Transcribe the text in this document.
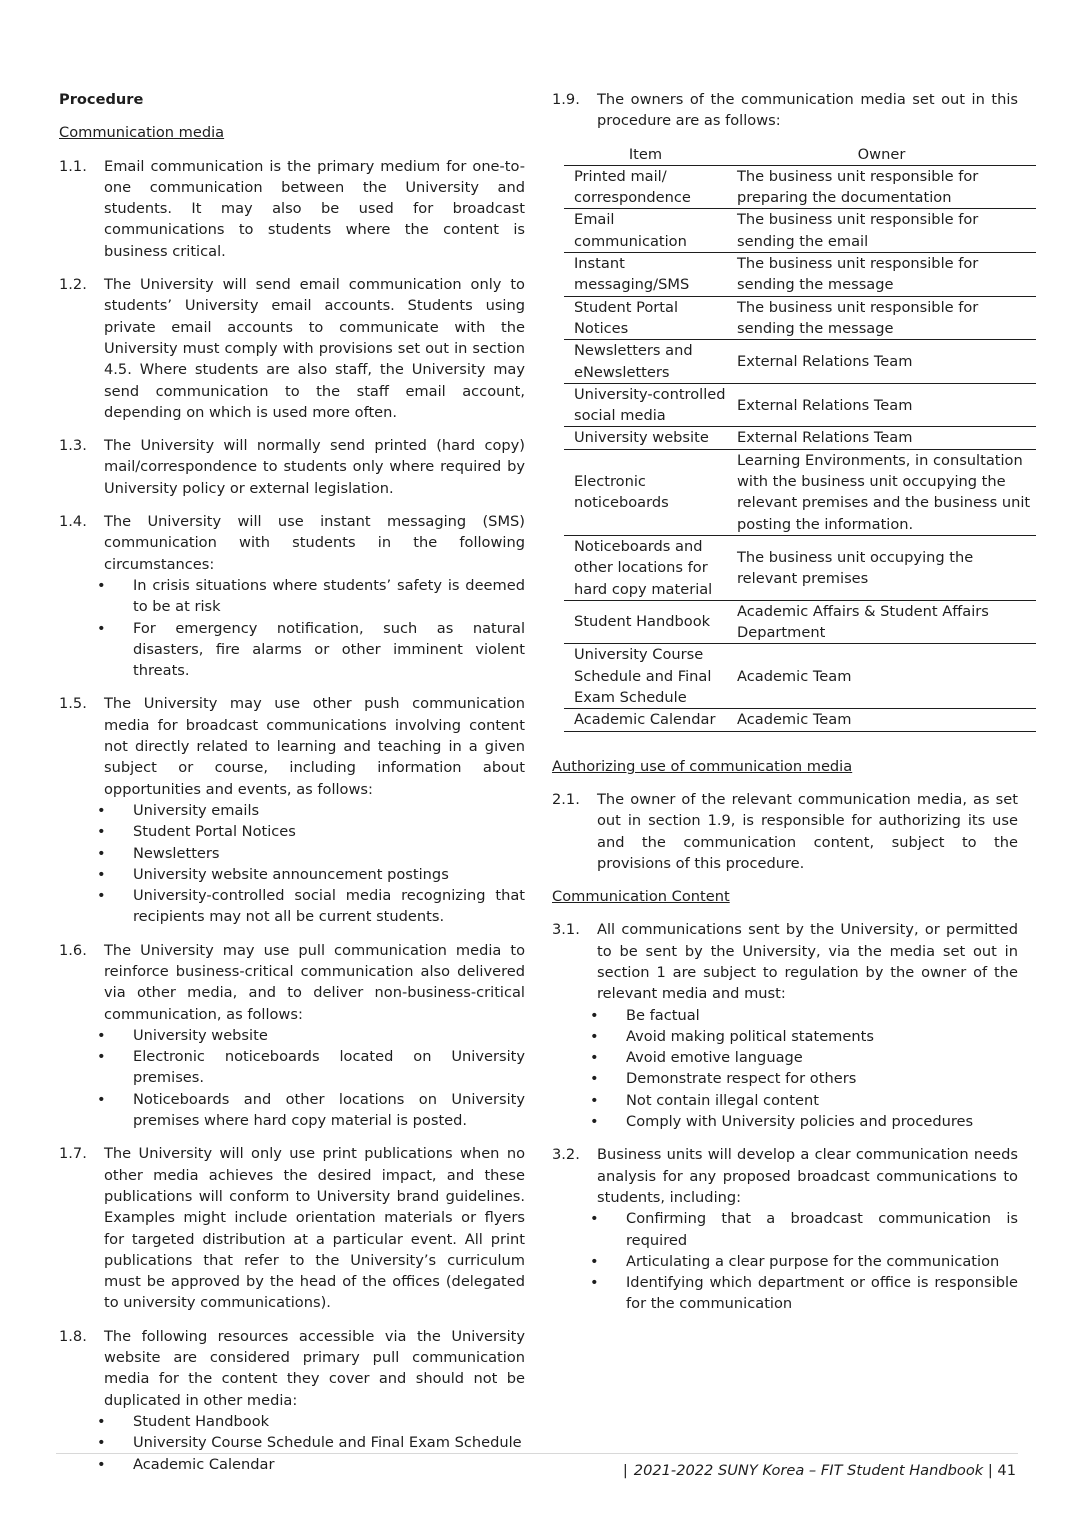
Procedure
Communication media
1.1. Email communication is the primary medium for one-to-one communication between the University and students. It may also be used for broadcast communications to students where the content is business critical.
1.2. The University will send email communication only to students’ University email accounts. Students using private email accounts to communicate with the University must comply with provisions set out in section 4.5. Where students are also staff, the University may send communication to the staff email account, depending on which is used more often.
1.3. The University will normally send printed (hard copy) mail/correspondence to students only where required by University policy or external legislation.
1.4. The University will use instant messaging (SMS) communication with students in the following circumstances:
• In crisis situations where students’ safety is deemed to be at risk
• For emergency notification, such as natural disasters, fire alarms or other imminent violent threats.
1.5. The University may use other push communication media for broadcast communications involving content not directly related to learning and teaching in a given subject or course, including information about opportunities and events, as follows:
• University emails
• Student Portal Notices
• Newsletters
• University website announcement postings
• University-controlled social media recognizing that recipients may not all be current students.
1.6. The University may use pull communication media to reinforce business-critical communication also delivered via other media, and to deliver non-business-critical communication, as follows:
• University website
• Electronic noticeboards located on University premises.
• Noticeboards and other locations on University premises where hard copy material is posted.
1.7. The University will only use print publications when no other media achieves the desired impact, and these publications will conform to University brand guidelines. Examples might include orientation materials or flyers for targeted distribution at a particular event. All print publications that refer to the University’s curriculum must be approved by the head of the offices (delegated to university communications).
1.8. The following resources accessible via the University website are considered primary pull communication media for the content they cover and should not be duplicated in other media:
• Student Handbook
• University Course Schedule and Final Exam Schedule
• Academic Calendar
1.9. The owners of the communication media set out in this procedure are as follows:
Item	Owner
Printed mail/ correspondence	The business unit responsible for preparing the documentation
Email communication	The business unit responsible for sending the email
Instant messaging/SMS	The business unit responsible for sending the message
Student Portal Notices	The business unit responsible for sending the message
Newsletters and eNewsletters	External Relations Team
University-controlled social media	External Relations Team
University website	External Relations Team
Electronic noticeboards	Learning Environments, in consultation with the business unit occupying the relevant premises and the business unit posting the information.
Noticeboards and other locations for hard copy material	The business unit occupying the relevant premises
Student Handbook	Academic Affairs & Student Affairs Department
University Course Schedule and Final Exam Schedule	Academic Team
Academic Calendar	Academic Team
Authorizing use of communication media
2.1. The owner of the relevant communication media, as set out in section 1.9, is responsible for authorizing its use and the communication content, subject to the provisions of this procedure.
Communication Content
3.1. All communications sent by the University, or permitted to be sent by the University, via the media set out in section 1 are subject to regulation by the owner of the relevant media and must:
• Be factual
• Avoid making political statements
• Avoid emotive language
• Demonstrate respect for others
• Not contain illegal content
• Comply with University policies and procedures
3.2. Business units will develop a clear communication needs analysis for any proposed broadcast communications to students, including:
• Confirming that a broadcast communication is required
• Articulating a clear purpose for the communication
• Identifying which department or office is responsible for the communication
| 2021-2022 SUNY Korea – FIT Student Handbook | 41
